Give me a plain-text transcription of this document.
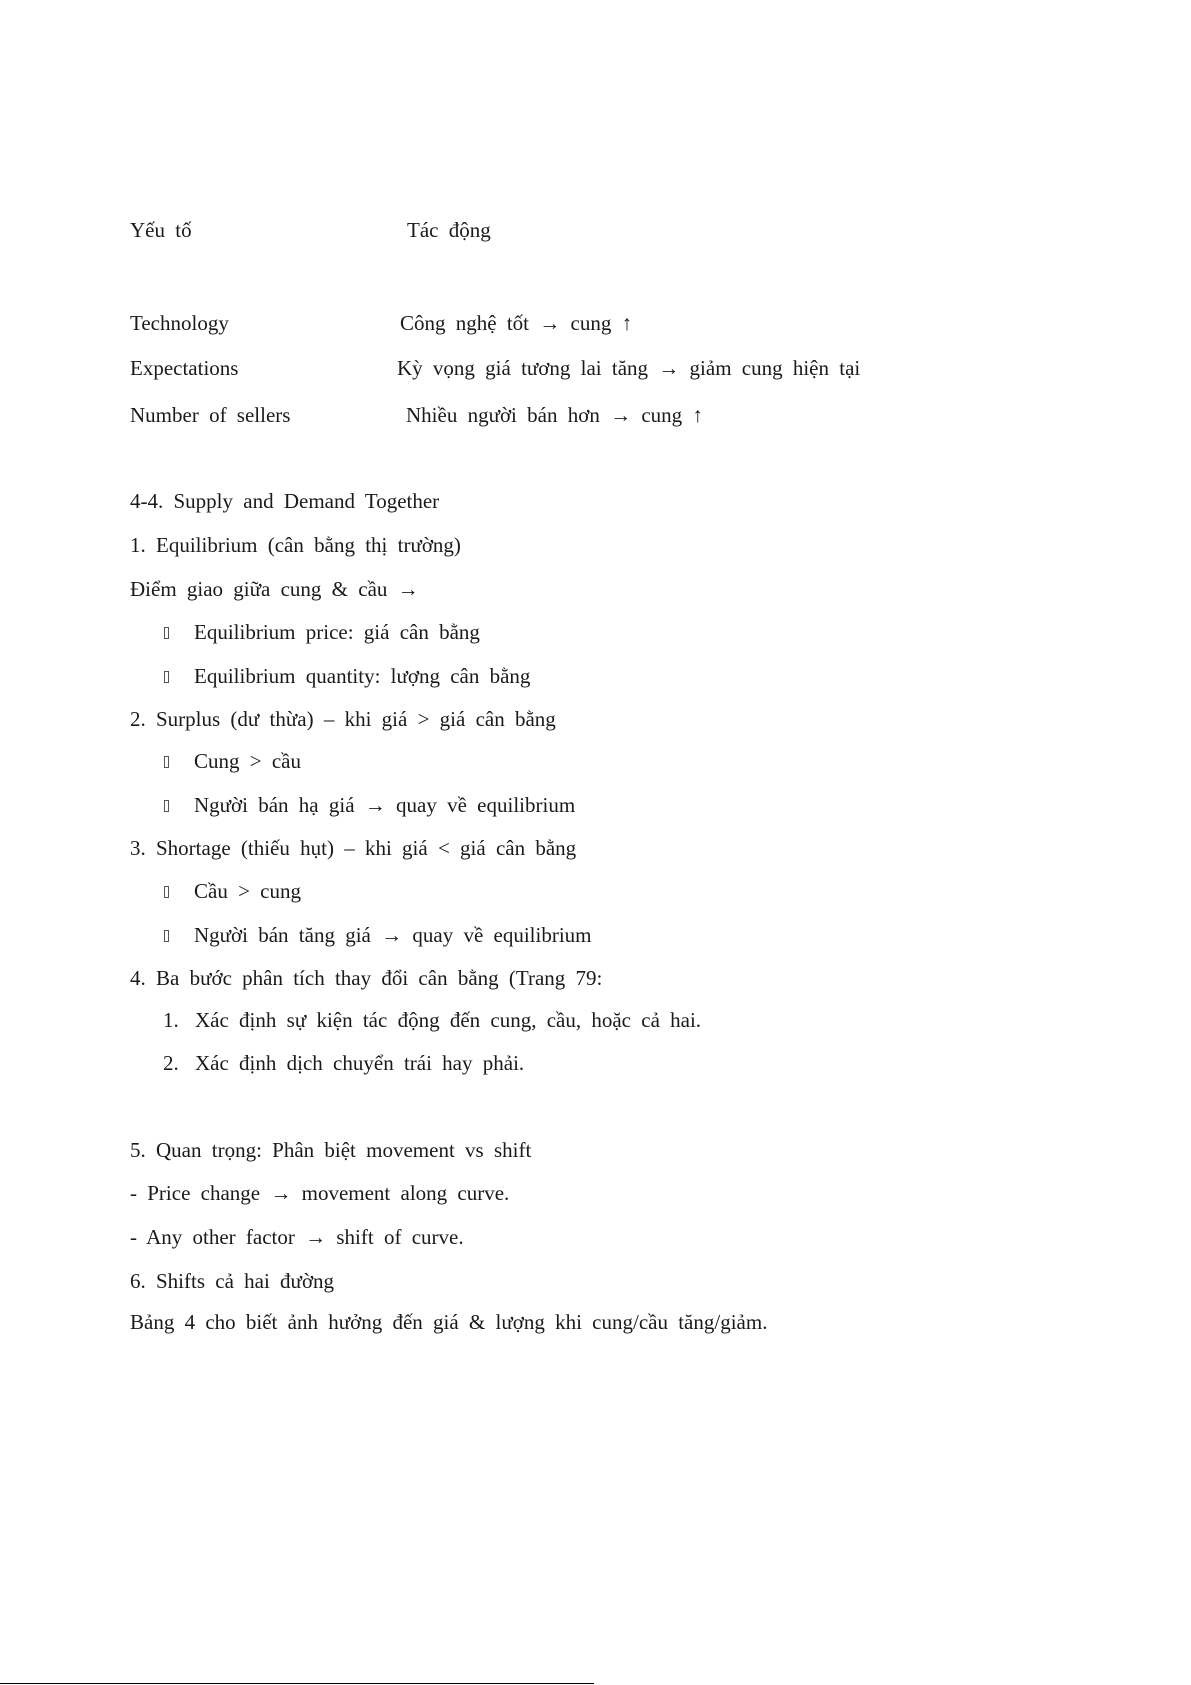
Yếu tố	Tác động
Technology	Công nghệ tốt → cung ↑
Expectations	Kỳ vọng giá tương lai tăng → giảm cung hiện tại
Number of sellers	Nhiều người bán hơn → cung ↑
4-4. Supply and Demand Together
1. Equilibrium (cân bằng thị trường)
Điểm giao giữa cung & cầu →
Equilibrium price: giá cân bằng
Equilibrium quantity: lượng cân bằng
2. Surplus (dư thừa) – khi giá > giá cân bằng
Cung > cầu
Người bán hạ giá → quay về equilibrium
3. Shortage (thiếu hụt) – khi giá < giá cân bằng
Cầu > cung
Người bán tăng giá → quay về equilibrium
4. Ba bước phân tích thay đổi cân bằng (Trang 79:
1. Xác định sự kiện tác động đến cung, cầu, hoặc cả hai.
2. Xác định dịch chuyển trái hay phải.
5. Quan trọng: Phân biệt movement vs shift
- Price change → movement along curve.
- Any other factor → shift of curve.
6. Shifts cả hai đường
Bảng 4 cho biết ảnh hưởng đến giá & lượng khi cung/cầu tăng/giảm.
